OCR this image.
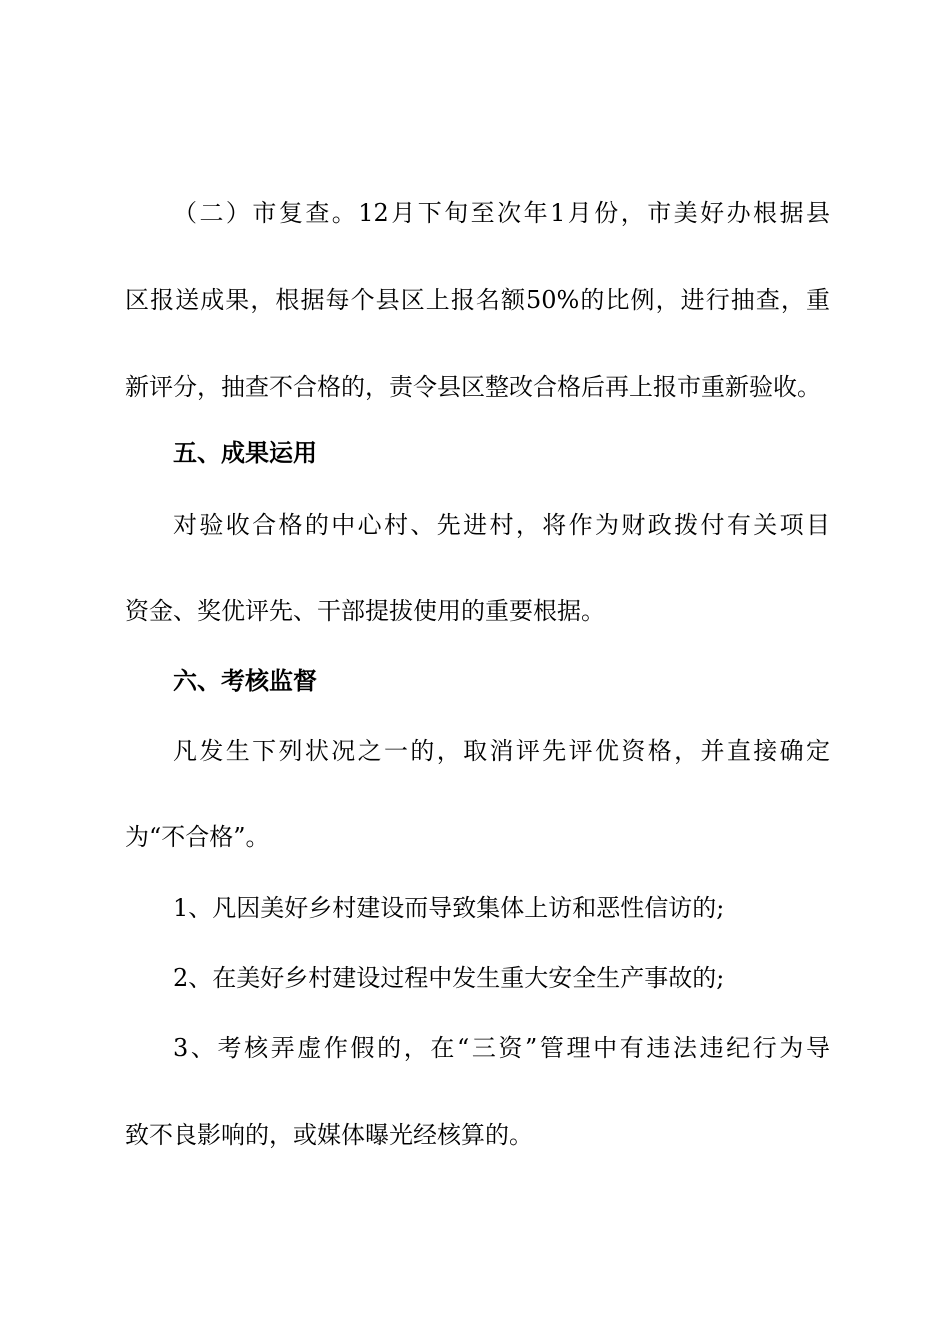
（二）市复查。12月下旬至次年1月份，市美好办根据县
区报送成果，根据每个县区上报名额50%的比例，进行抽查，重
新评分，抽查不合格的，责令县区整改合格后再上报市重新验收。
五、成果运用
对验收合格的中心村、先进村，将作为财政拨付有关项目
资金、奖优评先、干部提拔使用的重要根据。
六、考核监督
凡发生下列状况之一的，取消评先评优资格，并直接确定
为“不合格”。
1、凡因美好乡村建设而导致集体上访和恶性信访的;
2、在美好乡村建设过程中发生重大安全生产事故的;
3、考核弄虚作假的，在“三资”管理中有违法违纪行为导
致不良影响的，或媒体曝光经核算的。
